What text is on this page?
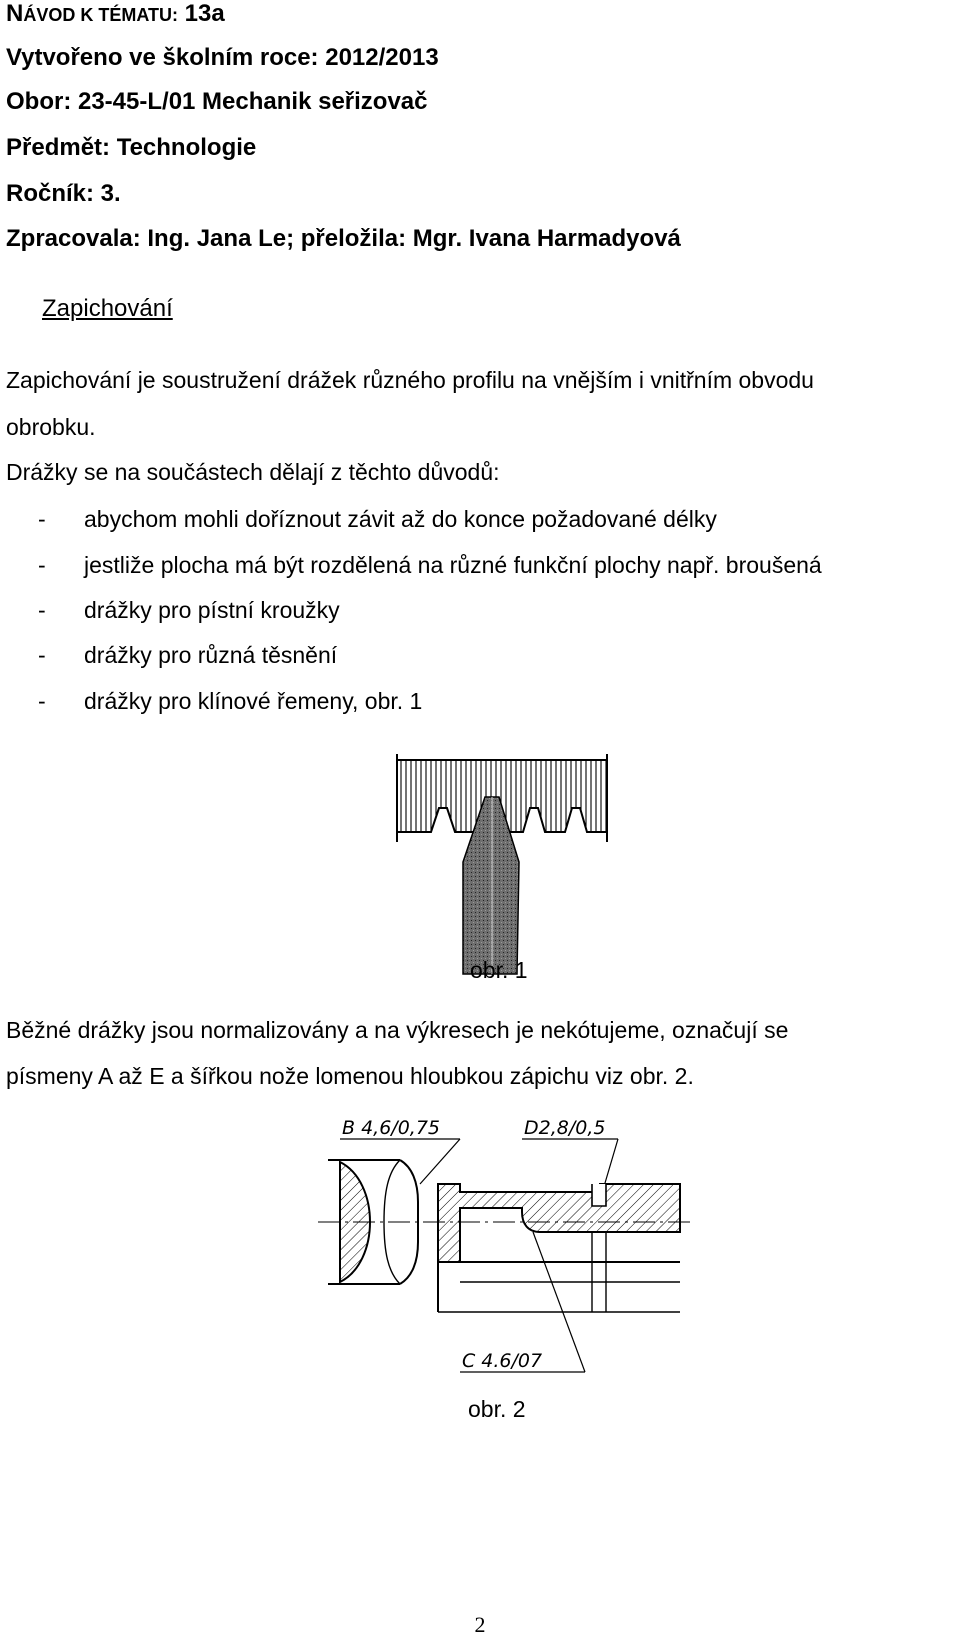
NÁVOD K TÉMATU: 13a
Vytvořeno ve školním roce: 2012/2013
Obor: 23-45-L/01 Mechanik seřizovač
Předmět: Technologie
Ročník: 3.
Zpracovala: Ing. Jana Le; přeložila: Mgr. Ivana Harmadyová
Zapichování
Zapichování je soustružení drážek různého profilu na vnějším i vnitřním obvodu
obrobku.
Drážky se na součástech dělají z těchto důvodů:
- abychom mohli doříznout závit až do konce požadované délky
- jestliže plocha má být rozdělená na různé funkční plochy např. broušená
- drážky pro pístní kroužky
- drážky pro různá těsnění
- drážky pro klínové řemeny, obr. 1
obr. 1
Běžné drážky jsou normalizovány a na výkresech je nekótujeme, označují se
písmeny A až E a šířkou nože lomenou hloubkou zápichu viz obr. 2.
B 4,6/0,75	D2,8/0,5
C 4.6/07
obr. 2
2
